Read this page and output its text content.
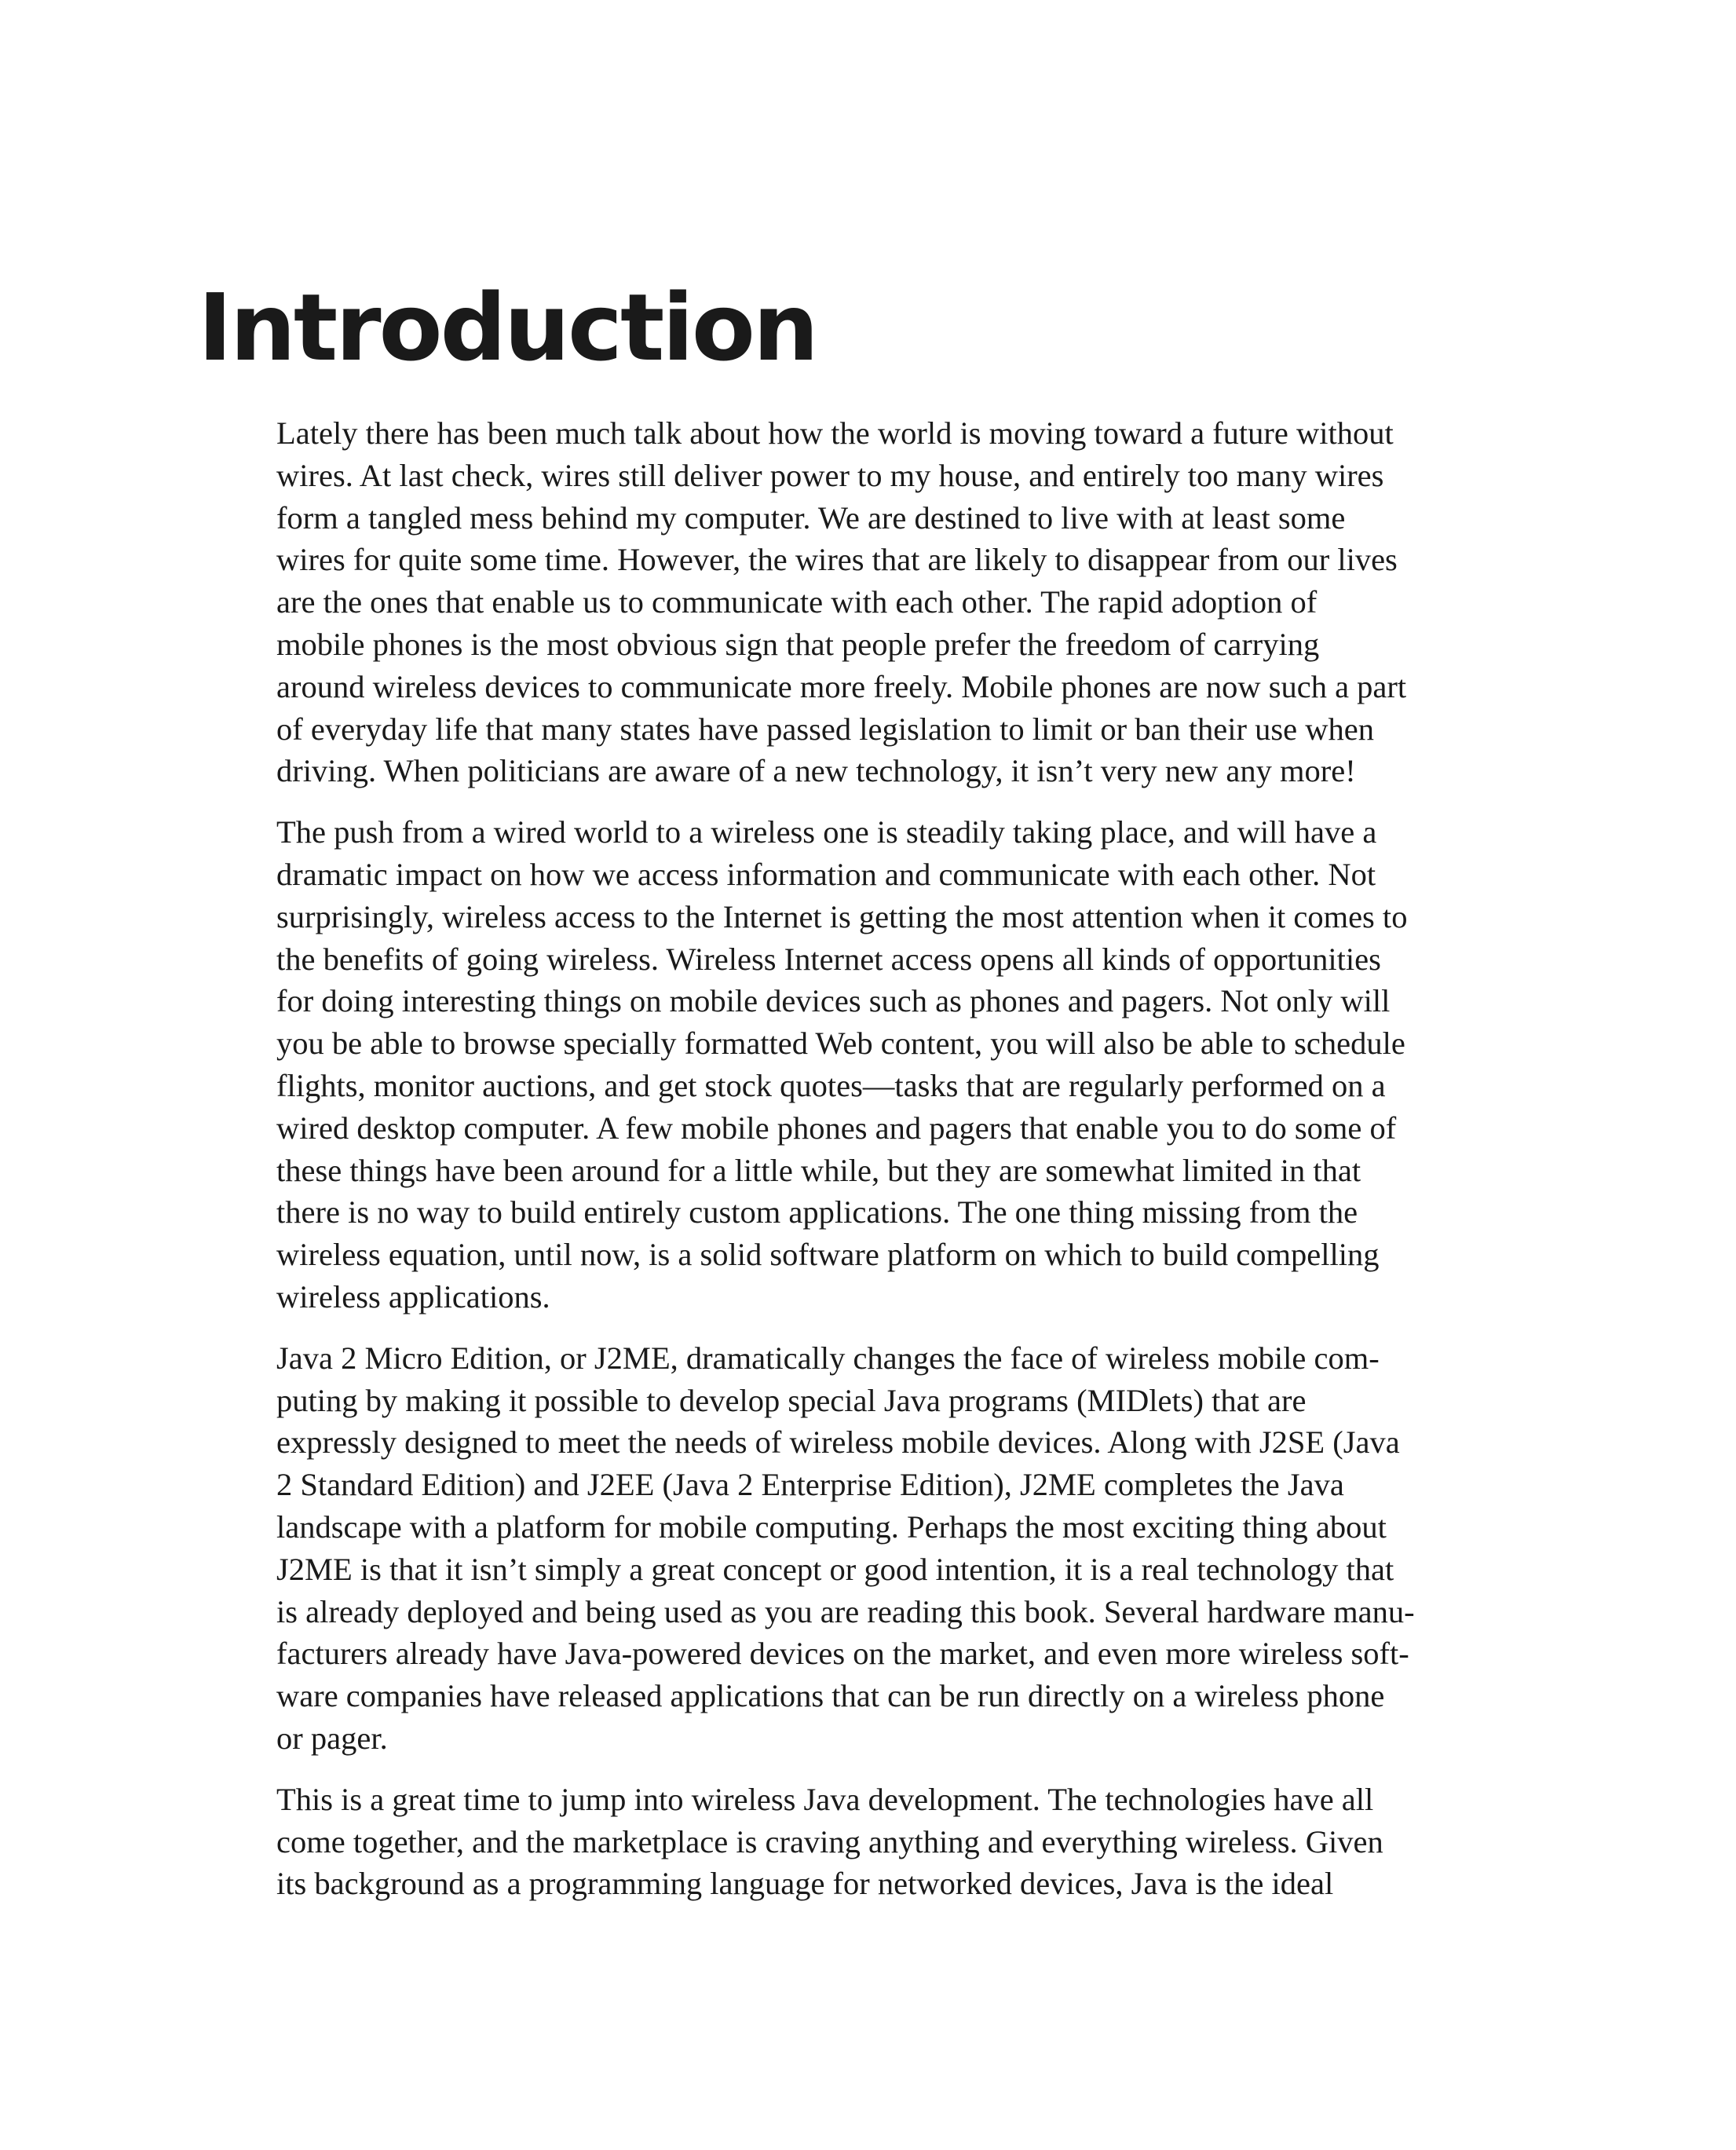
Introduction

Lately there has been much talk about how the world is moving toward a future without
wires. At last check, wires still deliver power to my house, and entirely too many wires
form a tangled mess behind my computer. We are destined to live with at least some
wires for quite some time. However, the wires that are likely to disappear from our lives
are the ones that enable us to communicate with each other. The rapid adoption of
mobile phones is the most obvious sign that people prefer the freedom of carrying
around wireless devices to communicate more freely. Mobile phones are now such a part
of everyday life that many states have passed legislation to limit or ban their use when
driving. When politicians are aware of a new technology, it isn’t very new any more!

The push from a wired world to a wireless one is steadily taking place, and will have a
dramatic impact on how we access information and communicate with each other. Not
surprisingly, wireless access to the Internet is getting the most attention when it comes to
the benefits of going wireless. Wireless Internet access opens all kinds of opportunities
for doing interesting things on mobile devices such as phones and pagers. Not only will
you be able to browse specially formatted Web content, you will also be able to schedule
flights, monitor auctions, and get stock quotes—tasks that are regularly performed on a
wired desktop computer. A few mobile phones and pagers that enable you to do some of
these things have been around for a little while, but they are somewhat limited in that
there is no way to build entirely custom applications. The one thing missing from the
wireless equation, until now, is a solid software platform on which to build compelling
wireless applications.

Java 2 Micro Edition, or J2ME, dramatically changes the face of wireless mobile com-
puting by making it possible to develop special Java programs (MIDlets) that are
expressly designed to meet the needs of wireless mobile devices. Along with J2SE (Java
2 Standard Edition) and J2EE (Java 2 Enterprise Edition), J2ME completes the Java
landscape with a platform for mobile computing. Perhaps the most exciting thing about
J2ME is that it isn’t simply a great concept or good intention, it is a real technology that
is already deployed and being used as you are reading this book. Several hardware manu-
facturers already have Java-powered devices on the market, and even more wireless soft-
ware companies have released applications that can be run directly on a wireless phone
or pager.

This is a great time to jump into wireless Java development. The technologies have all
come together, and the marketplace is craving anything and everything wireless. Given
its background as a programming language for networked devices, Java is the ideal
